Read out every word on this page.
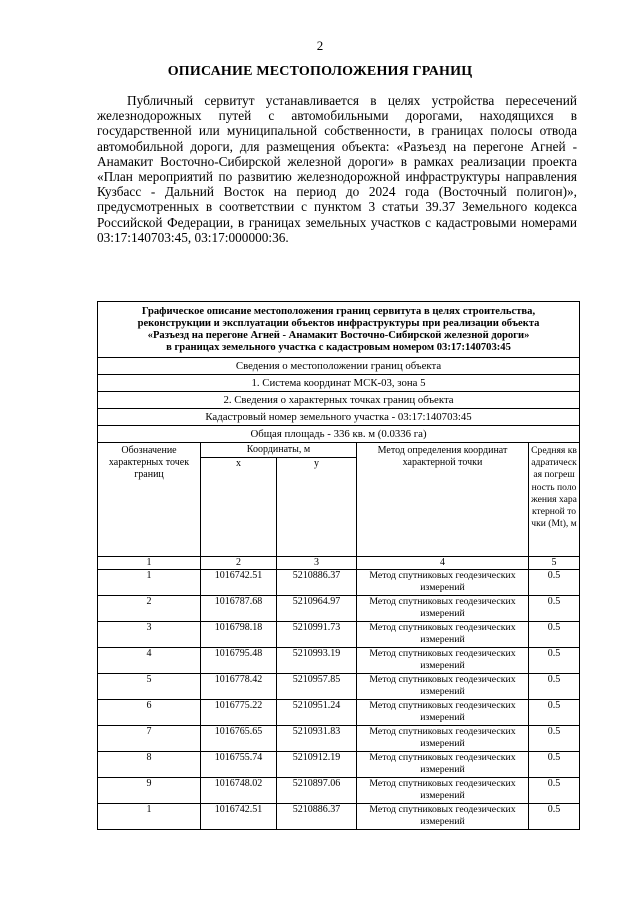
2
ОПИСАНИЕ МЕСТОПОЛОЖЕНИЯ ГРАНИЦ

Публичный сервитут устанавливается в целях устройства пересечений железнодорожных путей с автомобильными дорогами, находящихся в государственной или муниципальной собственности, в границах полосы отвода автомобильной дороги, для размещения объекта: «Разъезд на перегоне Агней - Анамакит Восточно-Сибирской железной дороги» в рамках реализации проекта «План мероприятий по развитию железнодорожной инфраструктуры направления Кузбасс - Дальний Восток на период до 2024 года (Восточный полигон)», предусмотренных в соответствии с пунктом 3 статьи 39.37 Земельного кодекса Российской Федерации, в границах земельных участков с кадастровыми номерами 03:17:140703:45, 03:17:000000:36.

Графическое описание местоположения границ сервитута в целях строительства,
реконструкции и эксплуатации объектов инфраструктуры при реализации объекта
«Разъезд на перегоне Агней - Анамакит Восточно-Сибирской железной дороги»
в границах земельного участка с кадастровым номером 03:17:140703:45				

Сведения о местоположении границ объекта				
1. Система координат МСК-03, зона 5				
2. Сведения о характерных точках границ объекта				
Кадастровый номер земельного участка - 03:17:140703:45				
Общая площадь - 336 кв. м (0.0336 га)				
Обозначение характерных точек границ	Координаты, м		Метод определения координат характерной точки	Средняя квадратическая погрешность положения характерной точки (Mt), м
	x	y		
1	2	3	4	5
1	1016742.51	5210886.37	Метод спутниковых геодезических измерений	0.5
2	1016787.68	5210964.97	Метод спутниковых геодезических измерений	0.5
3	1016798.18	5210991.73	Метод спутниковых геодезических измерений	0.5
4	1016795.48	5210993.19	Метод спутниковых геодезических измерений	0.5
5	1016778.42	5210957.85	Метод спутниковых геодезических измерений	0.5
6	1016775.22	5210951.24	Метод спутниковых геодезических измерений	0.5
7	1016765.65	5210931.83	Метод спутниковых геодезических измерений	0.5
8	1016755.74	5210912.19	Метод спутниковых геодезических измерений	0.5
9	1016748.02	5210897.06	Метод спутниковых геодезических измерений	0.5
1	1016742.51	5210886.37	Метод спутниковых геодезических измерений	0.5
